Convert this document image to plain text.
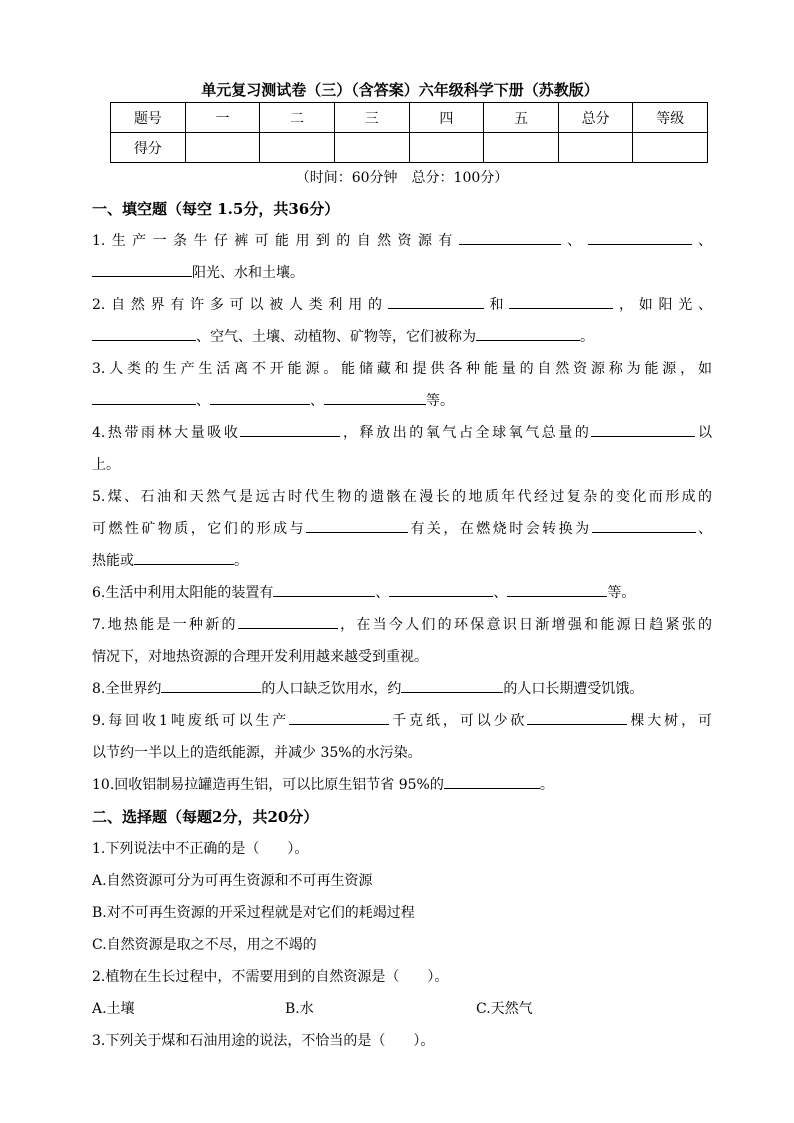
单元复习测试卷（三）（含答案）六年级科学下册（苏教版）
题号	一	二	三	四	五	总分	等级
得分							
（时间：60分钟　总分：100分）
一、填空题（每空 1.5分，共36分）
1.生产一条牛仔裤可能用到的自然资源有	、	、
阳光、水和土壤。
2.自然界有许多可以被人类利用的	和	，如阳光、
、空气、土壤、动植物、矿物等，它们被称为	。
3.人类的生产生活离不开能源。能储藏和提供各种能量的自然资源称为能源，如
、	、	等。
4.热带雨林大量吸收	，释放出的氧气占全球氧气总量的	以
上。
5.煤、石油和天然气是远古时代生物的遗骸在漫长的地质年代经过复杂的变化而形成的
可燃性矿物质，它们的形成与	有关，在燃烧时会转换为	、
热能或	。
6.生活中利用太阳能的装置有	、	、	等。
7.地热能是一种新的	，在当今人们的环保意识日渐增强和能源日趋紧张的
情况下，对地热资源的合理开发利用越来越受到重视。
8.全世界约	的人口缺乏饮用水，约	的人口长期遭受饥饿。
9.每回收1吨废纸可以生产	千克纸，可以少砍	棵大树，可
以节约一半以上的造纸能源，并减少 35%的水污染。
10.回收铝制易拉罐造再生铝，可以比原生铝节省 95%的	。
二、选择题（每题2分，共20分）
1.下列说法中不正确的是（　　）。
A.自然资源可分为可再生资源和不可再生资源
B.对不可再生资源的开采过程就是对它们的耗竭过程
C.自然资源是取之不尽，用之不竭的
2.植物在生长过程中，不需要用到的自然资源是（　　）。
A.土壤	B.水	C.天然气
3.下列关于煤和石油用途的说法，不恰当的是（　　）。
